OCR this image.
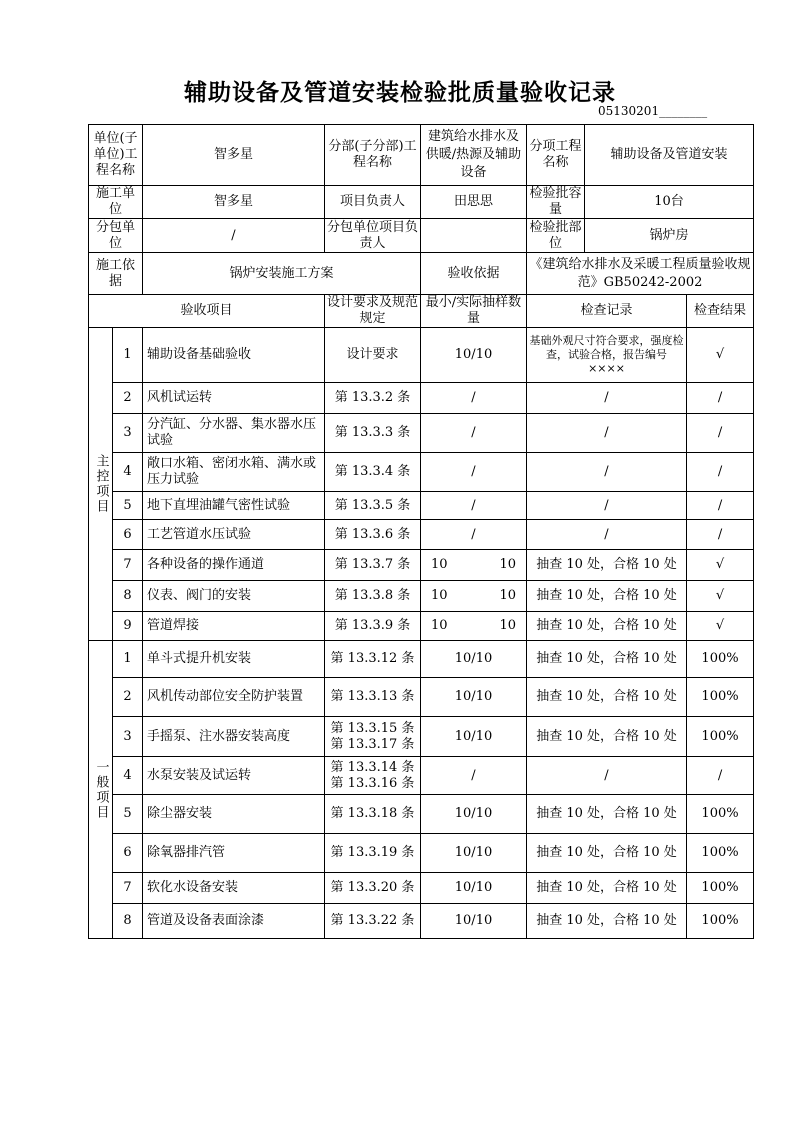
辅助设备及管道安装检验批质量验收记录
05130201________
单位(子单位)工程名称		智多星	分部(子分部)工程名称	建筑给水排水及供暖/热源及辅助设备	分项工程名称	辅助设备及管道安装	
施工单位		智多星	项目负责人	田思思	检验批容量	10台	
分包单位		/	分包单位项目负责人		检验批部位	锅炉房	
施工依据		锅炉安装施工方案		验收依据	《建筑给水排水及采暖工程质量验收规范》GB50242-2002		
验收项目			设计要求及规范规定	最小/实际抽样数量	检查记录		检查结果
主控项目	1	辅助设备基础验收	设计要求	10/10	基础外观尺寸符合要求，强度检查，试验合格，报告编号××××		√
	2	风机试运转	第 13.3.2 条	/	/		/
	3	分汽缸、分水器、集水器水压试验	第 13.3.3 条	/	/		/
	4	敞口水箱、密闭水箱、满水或压力试验	第 13.3.4 条	/	/		/
	5	地下直埋油罐气密性试验	第 13.3.5 条	/	/		/
	6	工艺管道水压试验	第 13.3.6 条	/	/		/
	7	各种设备的操作通道	第 13.3.7 条	10 10	抽查 10 处，合格 10 处		√
	8	仪表、阀门的安装	第 13.3.8 条	10 10	抽查 10 处，合格 10 处		√
	9	管道焊接	第 13.3.9 条	10 10	抽查 10 处，合格 10 处		√
一般项目	1	单斗式提升机安装	第 13.3.12 条	10/10	抽查 10 处，合格 10 处		100%
	2	风机传动部位安全防护装置	第 13.3.13 条	10/10	抽查 10 处，合格 10 处		100%
	3	手摇泵、注水器安装高度	第 13.3.15 条
第 13.3.17 条	10/10	抽查 10 处，合格 10 处		100%
	4	水泵安装及试运转	第 13.3.14 条
第 13.3.16 条	/	/		/
	5	除尘器安装	第 13.3.18 条	10/10	抽查 10 处，合格 10 处		100%
	6	除氧器排汽管	第 13.3.19 条	10/10	抽查 10 处，合格 10 处		100%
	7	软化水设备安装	第 13.3.20 条	10/10	抽查 10 处，合格 10 处		100%
	8	管道及设备表面涂漆	第 13.3.22 条	10/10	抽查 10 处，合格 10 处		100%
